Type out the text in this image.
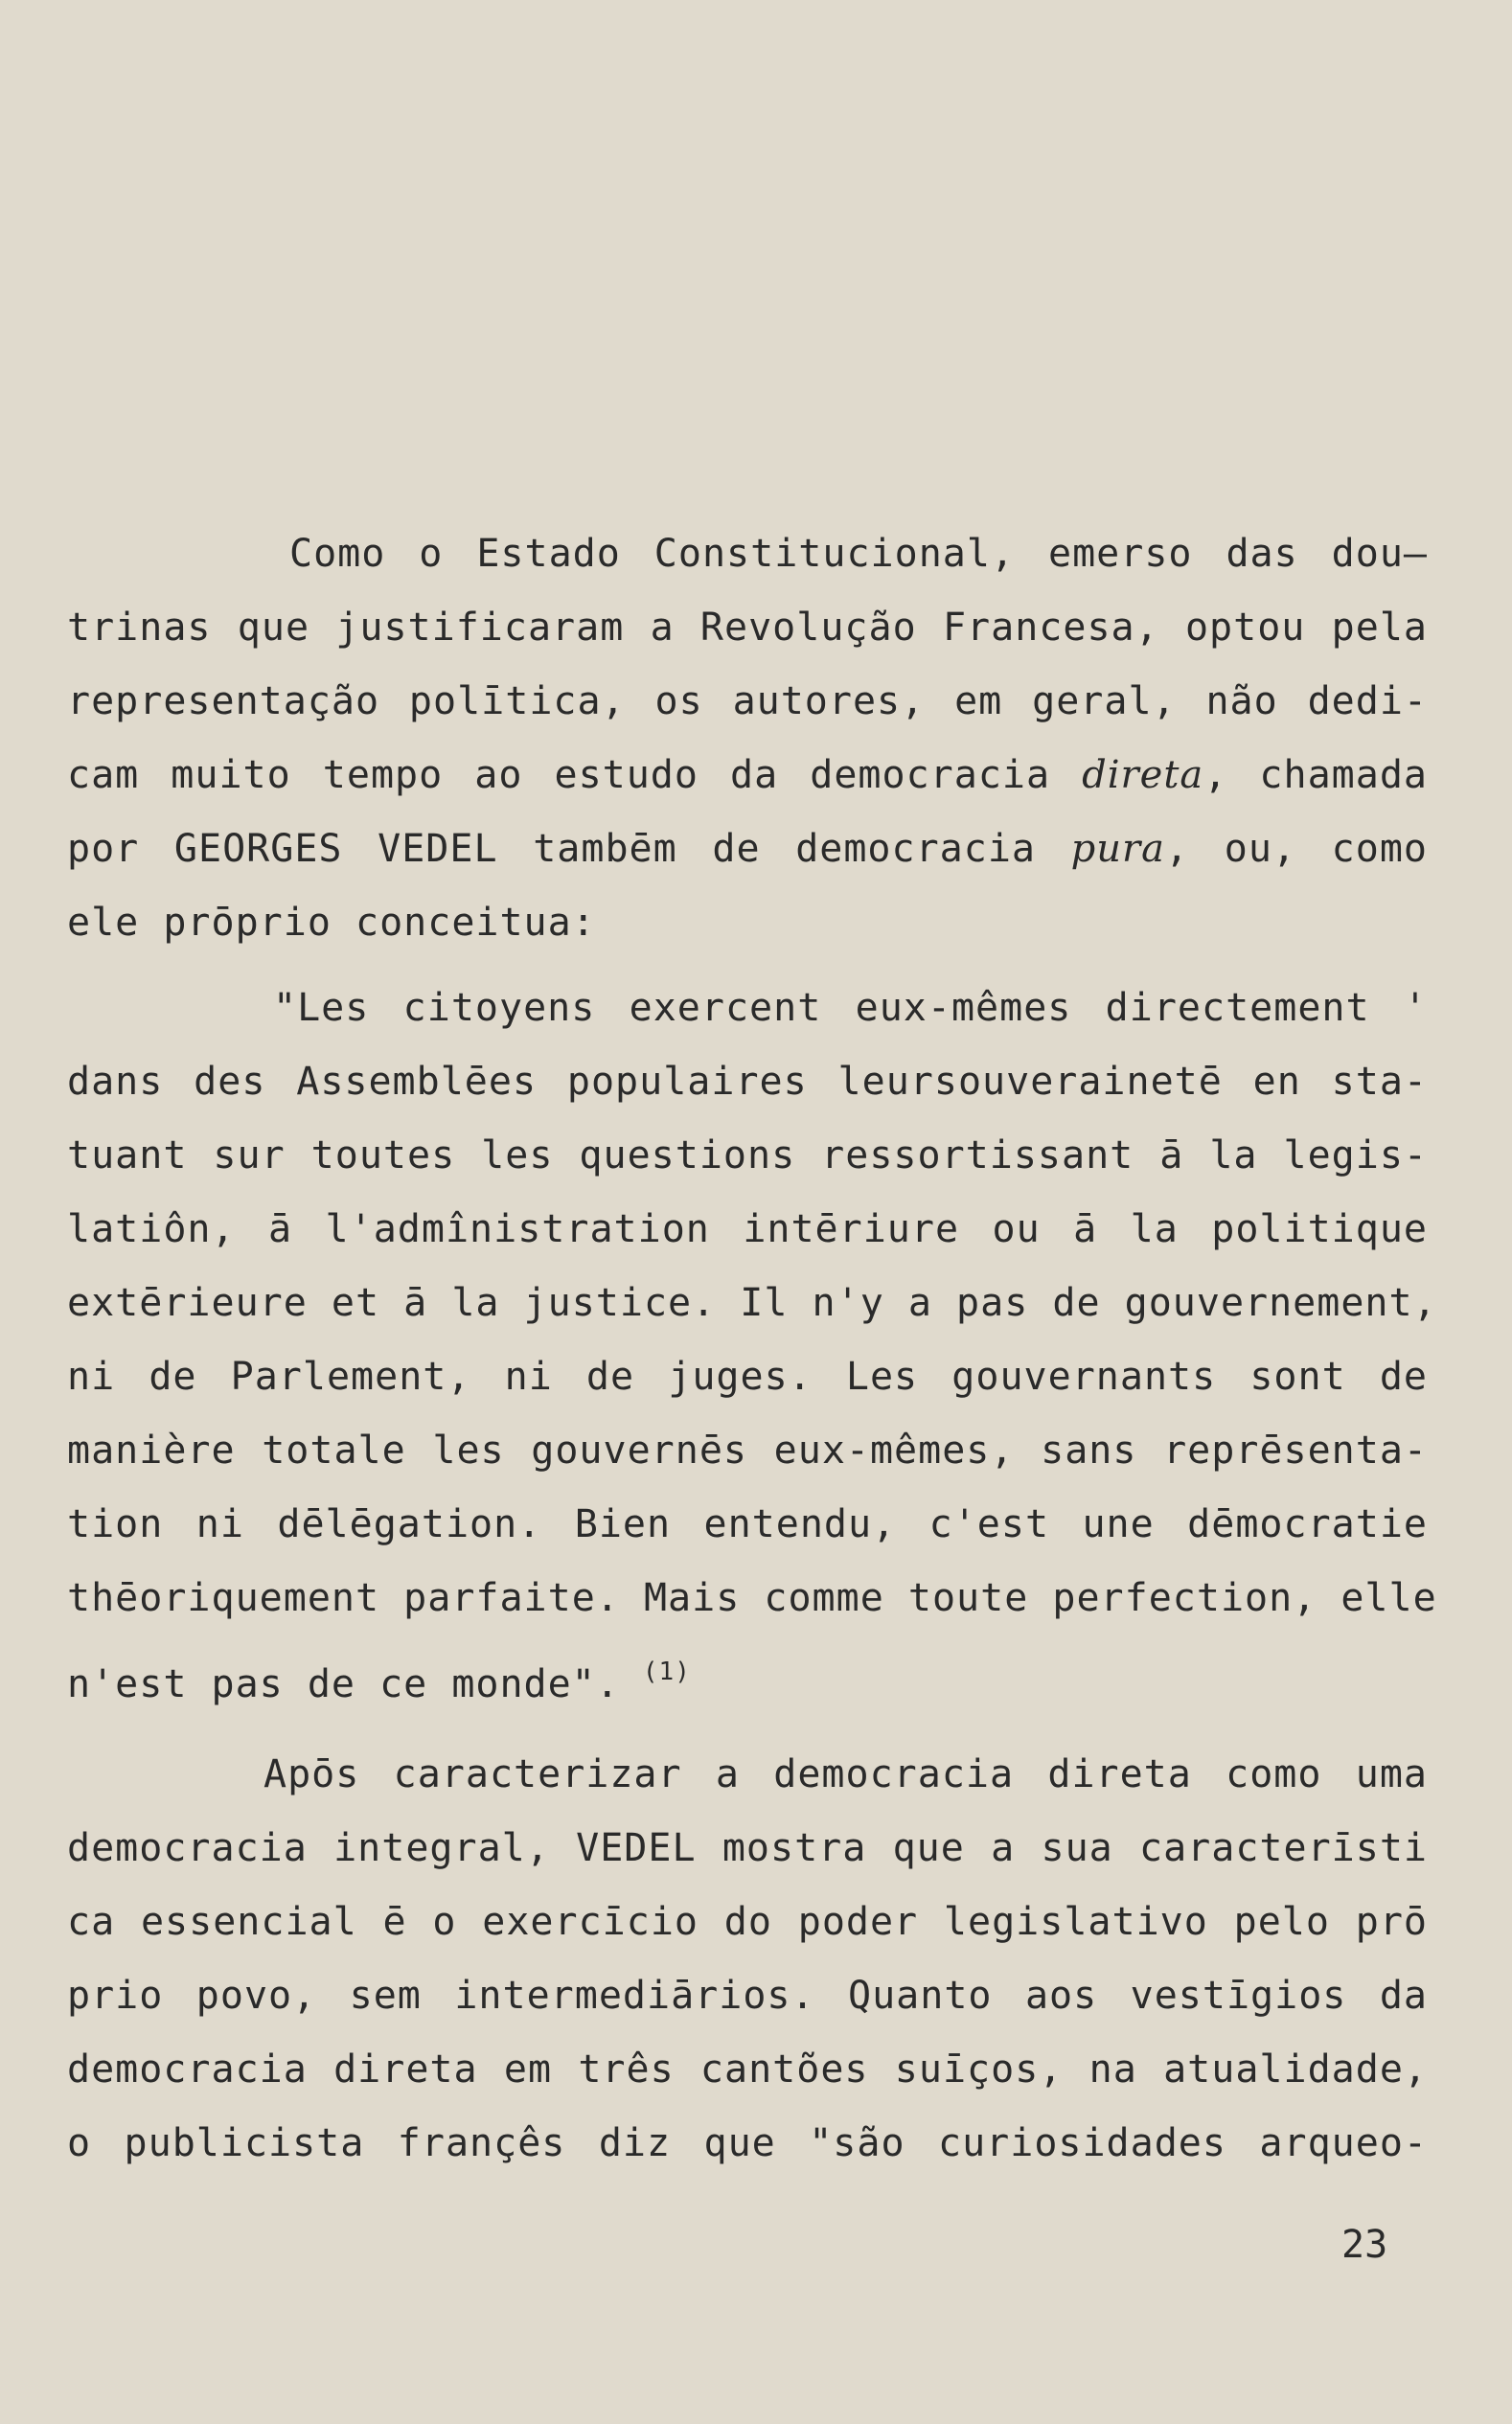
Como o Estado Constitucional, emerso das dou—
trinas que justificaram a Revolução Francesa, optou pela
representação polītica, os autores, em geral, não dedi-
cam muito tempo ao estudo da democracia direta, chamada
por GEORGES VEDEL tambēm de democracia pura, ou, como
ele prōprio conceitua:
"Les citoyens exercent eux-mêmes directement '
dans des Assemblēes populaires leursouverainetē en sta-
tuant sur toutes les questions ressortissant ā la legis-
latiôn, ā l'admînistration intēriure ou ā la politique
extērieure et ā la justice. Il n'y a pas de gouvernement,
ni de Parlement, ni de juges. Les gouvernants sont de
manière totale les gouvernēs eux-mêmes, sans reprēsenta-
tion ni dēlēgation. Bien entendu, c'est une dēmocratie
thēoriquement parfaite. Mais comme toute perfection, elle
n'est pas de ce monde". $^{(1)}$
Apōs caracterizar a democracia direta como uma
democracia integral, VEDEL mostra que a sua caracterīsti
ca essencial ē o exercīcio do poder legislativo pelo prō
prio povo, sem intermediārios. Quanto aos vestīgios da
democracia direta em três cantões suīços, na atualidade,
o publicista françês diz que "são curiosidades arqueo-
23
